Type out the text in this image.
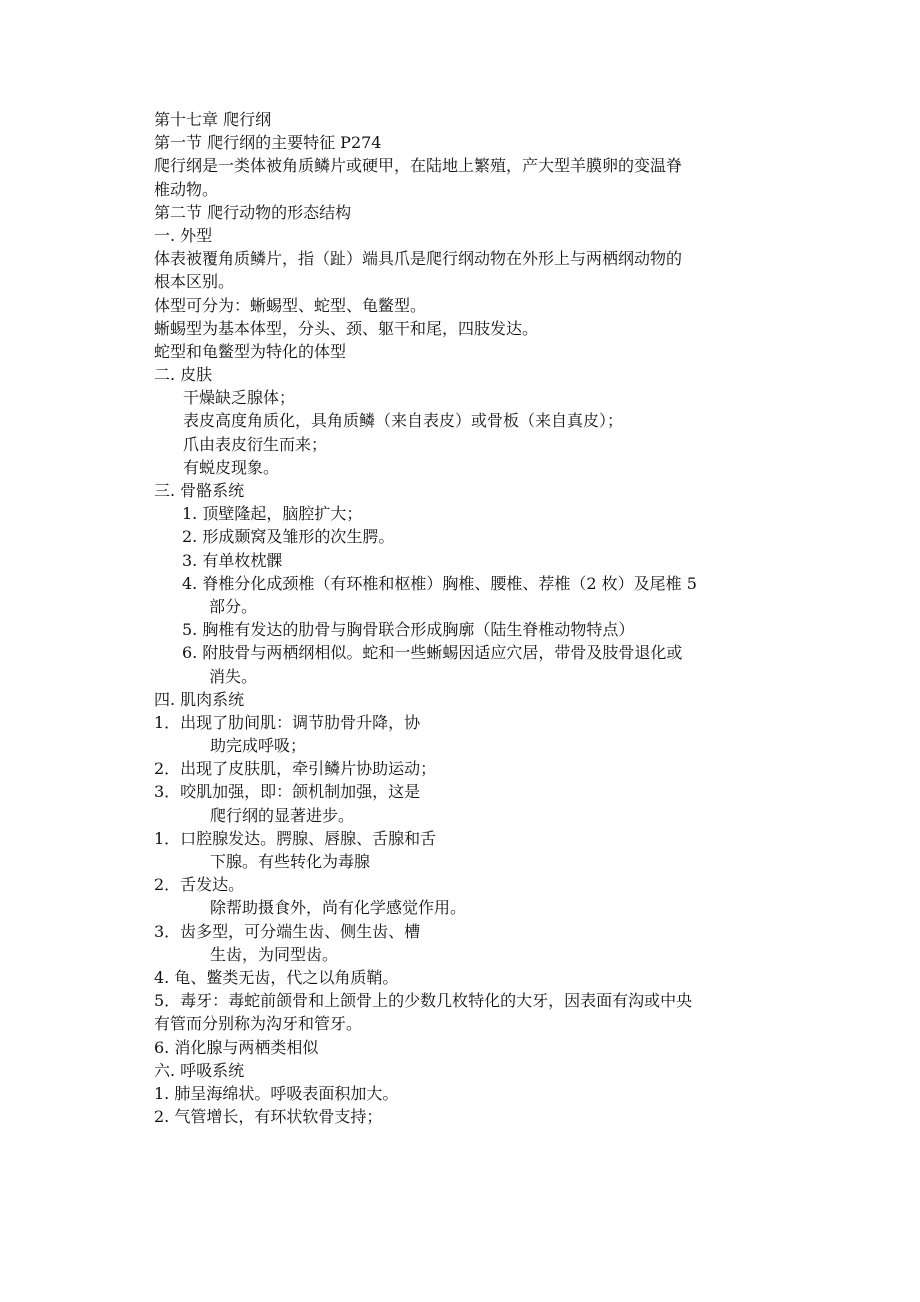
第十七章 爬行纲
第一节 爬行纲的主要特征 P274
爬行纲是一类体被角质鳞片或硬甲，在陆地上繁殖，产大型羊膜卵的变温脊
椎动物。
第二节 爬行动物的形态结构
一. 外型
体表被覆角质鳞片，指（趾）端具爪是爬行纲动物在外形上与两栖纲动物的
根本区别。
体型可分为：蜥蜴型、蛇型、龟鳖型。
蜥蜴型为基本体型，分头、颈、躯干和尾，四肢发达。
蛇型和龟鳖型为特化的体型
二. 皮肤
干燥缺乏腺体；
表皮高度角质化，具角质鳞（来自表皮）或骨板（来自真皮）；
爪由表皮衍生而来；
有蜕皮现象。
三. 骨骼系统
1. 顶壁隆起，脑腔扩大；
2. 形成颞窝及雏形的次生腭。
3. 有单枚枕髁
4. 脊椎分化成颈椎（有环椎和枢椎）胸椎、腰椎、荐椎（2 枚）及尾椎 5
部分。
5. 胸椎有发达的肋骨与胸骨联合形成胸廓（陆生脊椎动物特点）
6. 附肢骨与两栖纲相似。蛇和一些蜥蜴因适应穴居，带骨及肢骨退化或
消失。
四. 肌肉系统
1．出现了肋间肌：调节肋骨升降，协
助完成呼吸；
2．出现了皮肤肌，牵引鳞片协助运动；
3．咬肌加强，即：颌机制加强，这是
爬行纲的显著进步。
1．口腔腺发达。腭腺、唇腺、舌腺和舌
下腺。有些转化为毒腺
2．舌发达。
除帮助摄食外，尚有化学感觉作用。
3．齿多型，可分端生齿、侧生齿、槽
生齿，为同型齿。
4. 龟、鳖类无齿，代之以角质鞘。
5．毒牙：毒蛇前颌骨和上颌骨上的少数几枚特化的大牙，因表面有沟或中央
有管而分别称为沟牙和管牙。
6. 消化腺与两栖类相似
六. 呼吸系统
1. 肺呈海绵状。呼吸表面积加大。
2. 气管增长，有环状软骨支持；
